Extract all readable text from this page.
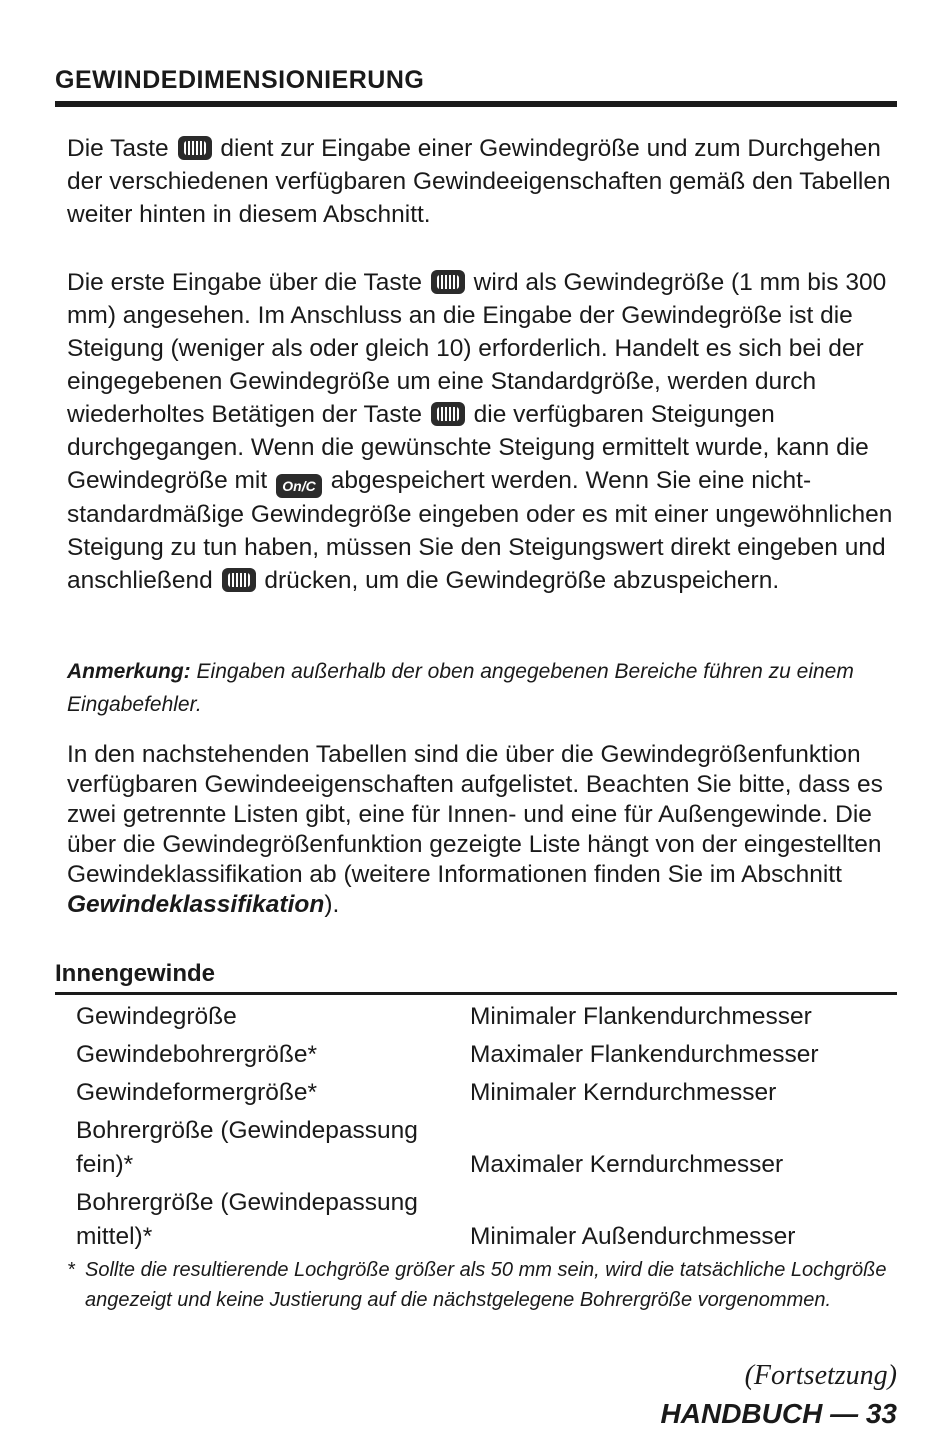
GEWINDEDIMENSIONIERUNG
Die Taste dient zur Eingabe einer Gewindegröße und zum Durchgehen der verschiedenen verfügbaren Gewindeeigenschaften gemäß den Tabellen weiter hinten in diesem Abschnitt.
Die erste Eingabe über die Taste wird als Gewindegröße (1 mm bis 300 mm) angesehen. Im Anschluss an die Eingabe der Gewindegröße ist die Steigung (weniger als oder gleich 10) erforderlich. Handelt es sich bei der eingegebenen Gewindegröße um eine Standardgröße, werden durch wiederholtes Betätigen der Taste die verfügbaren Steigungen durchgegangen. Wenn die gewünschte Steigung ermittelt wurde, kann die Gewindegröße mit On/C abgespeichert werden. Wenn Sie eine nicht-standardmäßige Gewindegröße eingeben oder es mit einer ungewöhnlichen Steigung zu tun haben, müssen Sie den Steigungswert direkt eingeben und anschließend drücken, um die Gewindegröße abzuspeichern.
Anmerkung: Eingaben außerhalb der oben angegebenen Bereiche führen zu einem Eingabefehler.
In den nachstehenden Tabellen sind die über die Gewindegrößenfunktion verfügbaren Gewindeeigenschaften aufgelistet. Beachten Sie bitte, dass es zwei getrennte Listen gibt, eine für Innen- und eine für Außengewinde. Die über die Gewindegrößenfunktion gezeigte Liste hängt von der eingestellten Gewindeklassifikation ab (weitere Informationen finden Sie im Abschnitt Gewindeklassifikation).
Innengewinde
Gewindegröße	Minimaler Flankendurchmesser
Gewindebohrergröße*	Maximaler Flankendurchmesser
Gewindeformergröße*	Minimaler Kerndurchmesser
Bohrergröße (Gewindepassung fein)*	Maximaler Kerndurchmesser
Bohrergröße (Gewindepassung mittel)*	Minimaler Außendurchmesser
* Sollte die resultierende Lochgröße größer als 50 mm sein, wird die tatsächliche Lochgröße angezeigt und keine Justierung auf die nächstgelegene Bohrergröße vorgenommen.
(Fortsetzung)
HANDBUCH — 33
